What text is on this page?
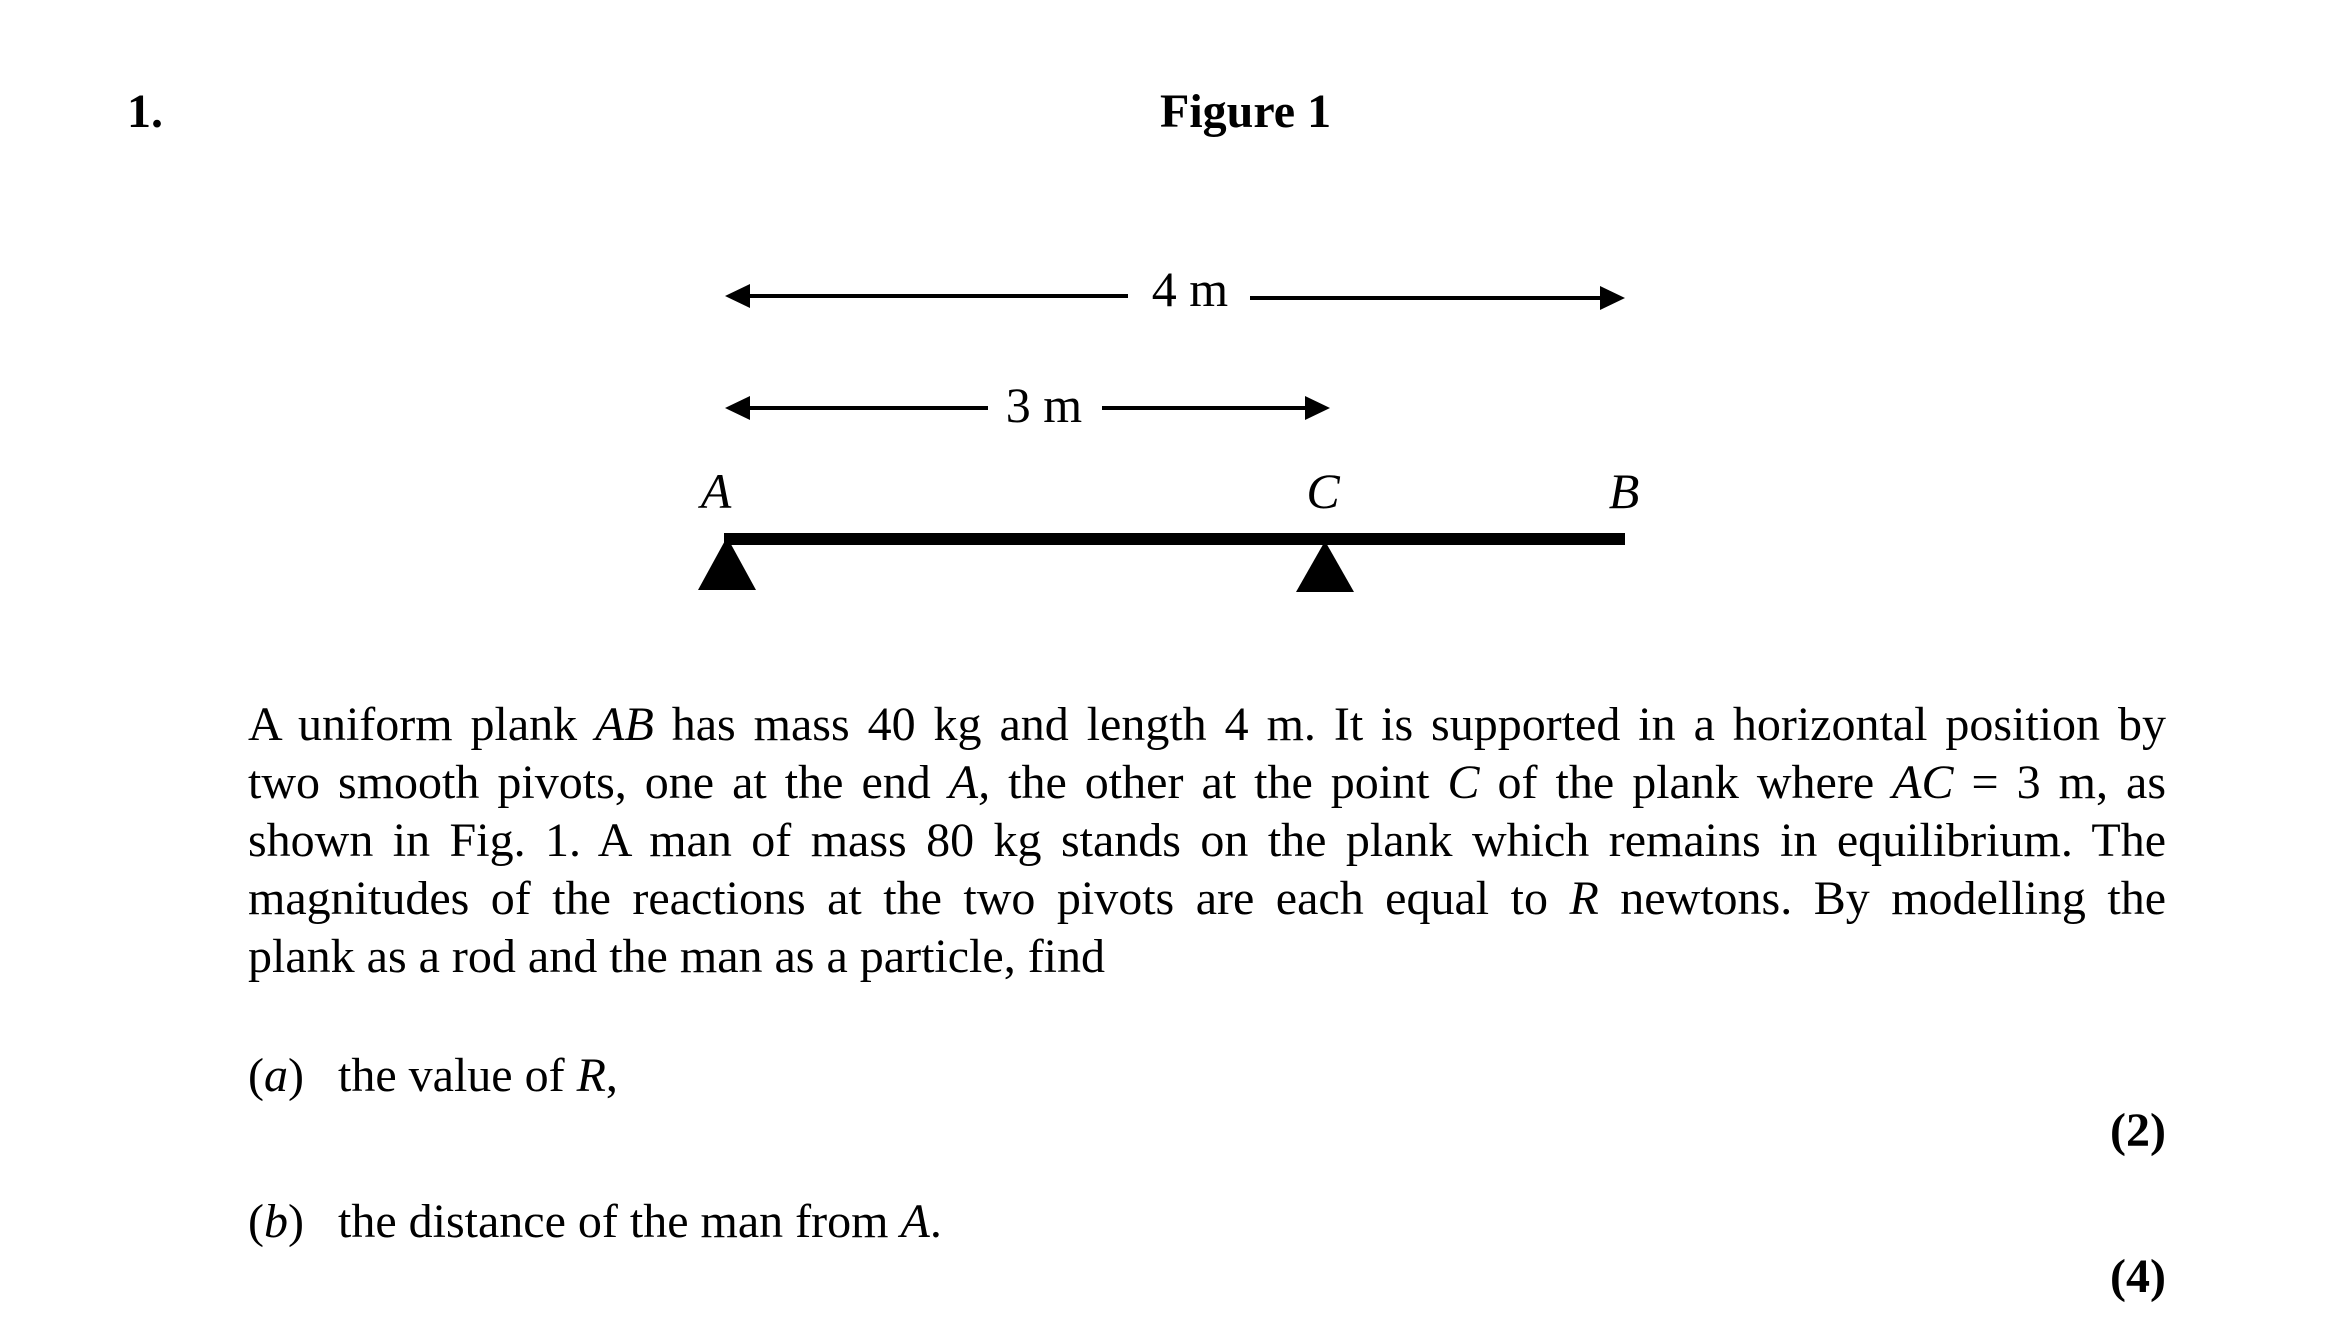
1.	Figure 1
4 m
3 m
A	C	B
A uniform plank AB has mass 40 kg and length 4 m. It is supported in a horizontal position by
two smooth pivots, one at the end A, the other at the point C of the plank where AC = 3 m, as
shown in Fig. 1. A man of mass 80 kg stands on the plank which remains in equilibrium. The
magnitudes of the reactions at the two pivots are each equal to R newtons. By modelling the
plank as a rod and the man as a particle, find
(a) the value of R,
(2)
(b) the distance of the man from A.
(4)
